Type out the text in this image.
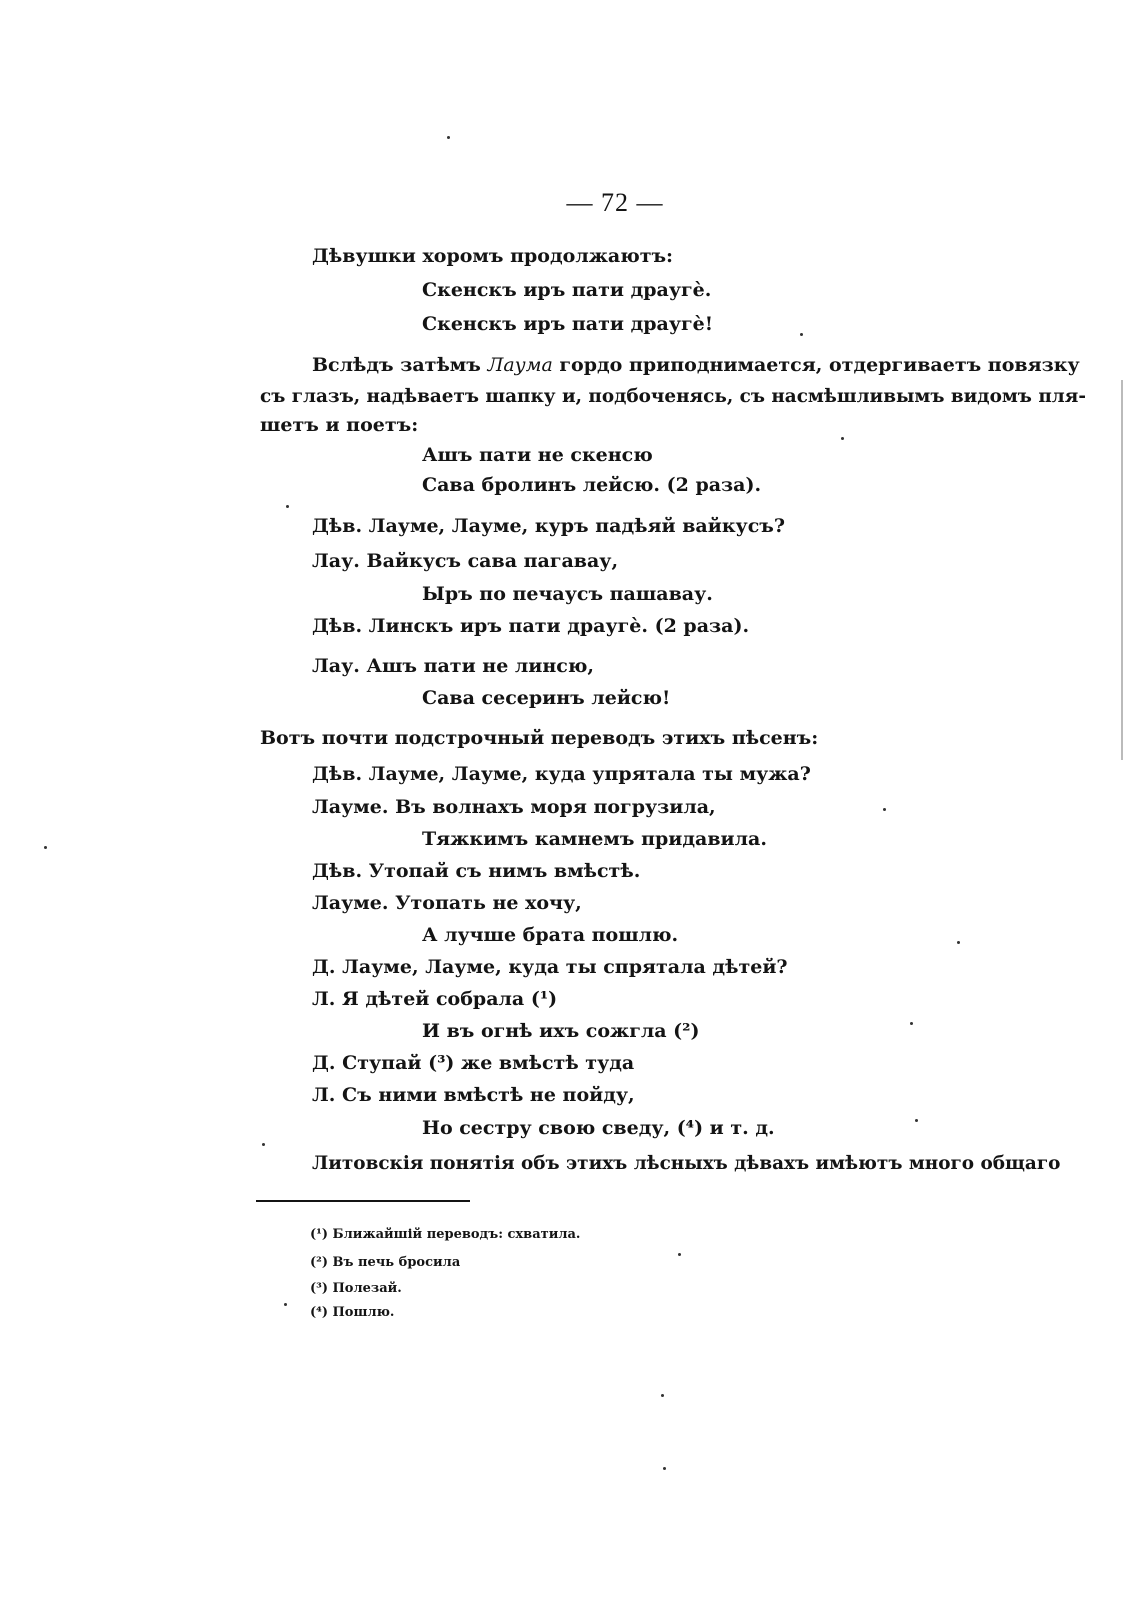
— 72 —
Дѣвушки хоромъ продолжаютъ:
Скенскъ иръ пати драугѐ.
Скенскъ иръ пати драугѐ!
Вслѣдъ затѣмъ Лаума гордо приподнимается, отдергиваетъ повязку
съ глазъ, надѣваетъ шапку и, подбоченясь, съ насмѣшливымъ видомъ пля-
шетъ и поетъ:
Ашъ пати не скенсю
Сава бролинъ лейсю. (2 раза).
Дѣв. Лауме, Лауме, куръ падѣяй вайкусъ?
Лау. Вайкусъ сава пагавау,
Ыръ по печаусъ пашавау.
Дѣв. Линскъ иръ пати драугѐ. (2 раза).
Лау. Ашъ пати не линсю,
Сава сесеринъ лейсю!
Вотъ почти подстрочный переводъ этихъ пѣсенъ:
Дѣв. Лауме, Лауме, куда упрятала ты мужа?
Лауме. Въ волнахъ моря погрузила,
Тяжкимъ камнемъ придавила.
Дѣв. Утопай съ нимъ вмѣстѣ.
Лауме. Утопать не хочу,
А лучше брата пошлю.
Д. Лауме, Лауме, куда ты спрятала дѣтей?
Л. Я дѣтей собрала (¹)
И въ огнѣ ихъ сожгла (²)
Д. Ступай (³) же вмѣстѣ туда
Л. Съ ними вмѣстѣ не пойду,
Но сестру свою сведу, (⁴) и т. д.
Литовскія понятія объ этихъ лѣсныхъ дѣвахъ имѣютъ много общаго
(¹) Ближайшій переводъ: схватила.
(²) Въ печь бросила
(³) Полезай.
(⁴) Пошлю.
